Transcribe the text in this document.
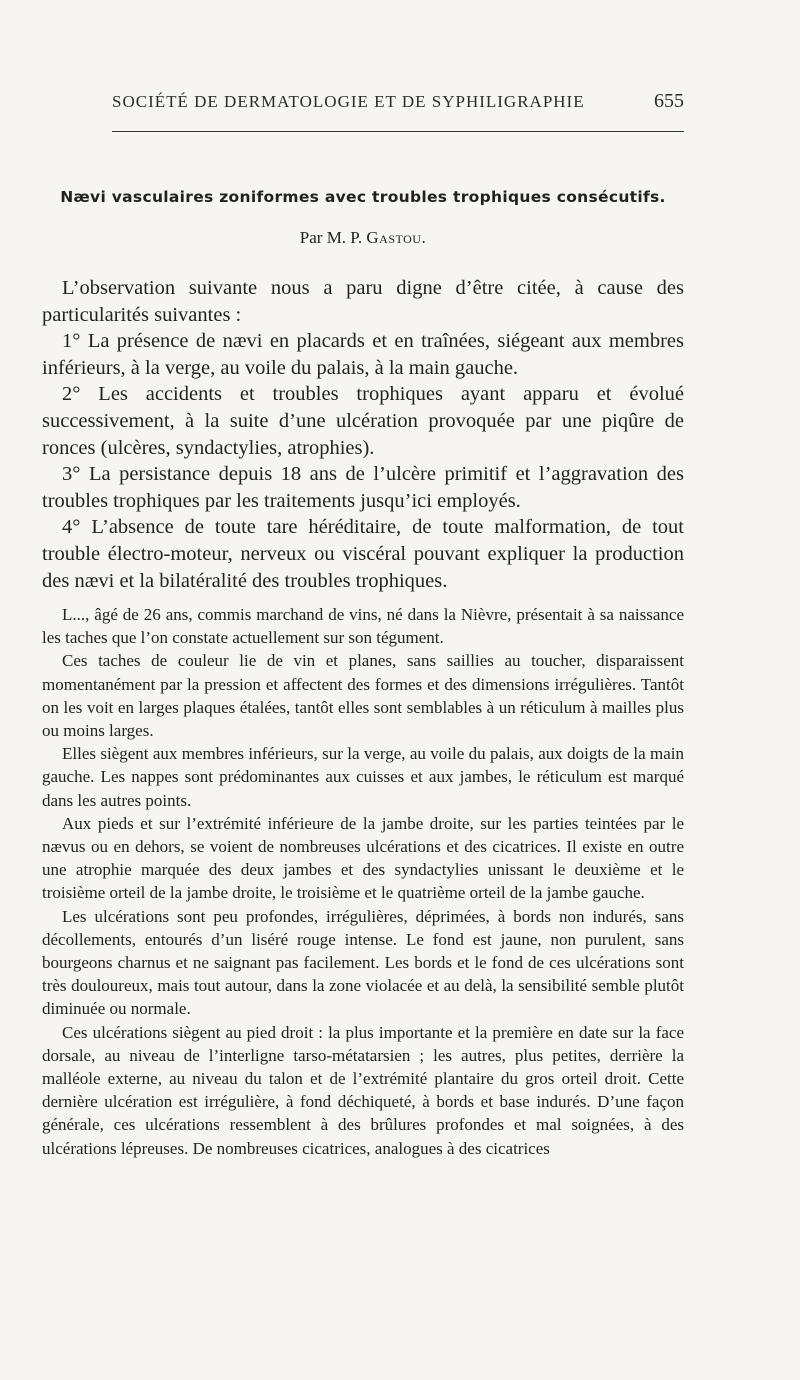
SOCIÉTÉ DE DERMATOLOGIE ET DE SYPHILIGRAPHIE	655
Nævi vasculaires zoniformes avec troubles trophiques consécutifs.
Par M. P. Gastou.

L’observation suivante nous a paru digne d’être citée, à cause des particularités suivantes :

1° La présence de nævi en placards et en traînées, siégeant aux membres inférieurs, à la verge, au voile du palais, à la main gauche.

2° Les accidents et troubles trophiques ayant apparu et évolué successivement, à la suite d’une ulcération provoquée par une piqûre de ronces (ulcères, syndactylies, atrophies).

3° La persistance depuis 18 ans de l’ulcère primitif et l’aggravation des troubles trophiques par les traitements jusqu’ici employés.

4° L’absence de toute tare héréditaire, de toute malformation, de tout trouble électro-moteur, nerveux ou viscéral pouvant expliquer la production des nævi et la bilatéralité des troubles trophiques.

L..., âgé de 26 ans, commis marchand de vins, né dans la Nièvre, présentait à sa naissance les taches que l’on constate actuellement sur son tégument.

Ces taches de couleur lie de vin et planes, sans saillies au toucher, disparaissent momentanément par la pression et affectent des formes et des dimensions irrégulières. Tantôt on les voit en larges plaques étalées, tantôt elles sont semblables à un réticulum à mailles plus ou moins larges.

Elles siègent aux membres inférieurs, sur la verge, au voile du palais, aux doigts de la main gauche. Les nappes sont prédominantes aux cuisses et aux jambes, le réticulum est marqué dans les autres points.

Aux pieds et sur l’extrémité inférieure de la jambe droite, sur les parties teintées par le nævus ou en dehors, se voient de nombreuses ulcérations et des cicatrices. Il existe en outre une atrophie marquée des deux jambes et des syndactylies unissant le deuxième et le troisième orteil de la jambe droite, le troisième et le quatrième orteil de la jambe gauche.

Les ulcérations sont peu profondes, irrégulières, déprimées, à bords non indurés, sans décollements, entourés d’un liséré rouge intense. Le fond est jaune, non purulent, sans bourgeons charnus et ne saignant pas facilement. Les bords et le fond de ces ulcérations sont très douloureux, mais tout autour, dans la zone violacée et au delà, la sensibilité semble plutôt diminuée ou normale.

Ces ulcérations siègent au pied droit : la plus importante et la première en date sur la face dorsale, au niveau de l’interligne tarso-métatarsien ; les autres, plus petites, derrière la malléole externe, au niveau du talon et de l’extrémité plantaire du gros orteil droit. Cette dernière ulcération est irrégulière, à fond déchiqueté, à bords et base indurés. D’une façon générale, ces ulcérations ressemblent à des brûlures profondes et mal soignées, à des ulcérations lépreuses. De nombreuses cicatrices, analogues à des cicatrices
